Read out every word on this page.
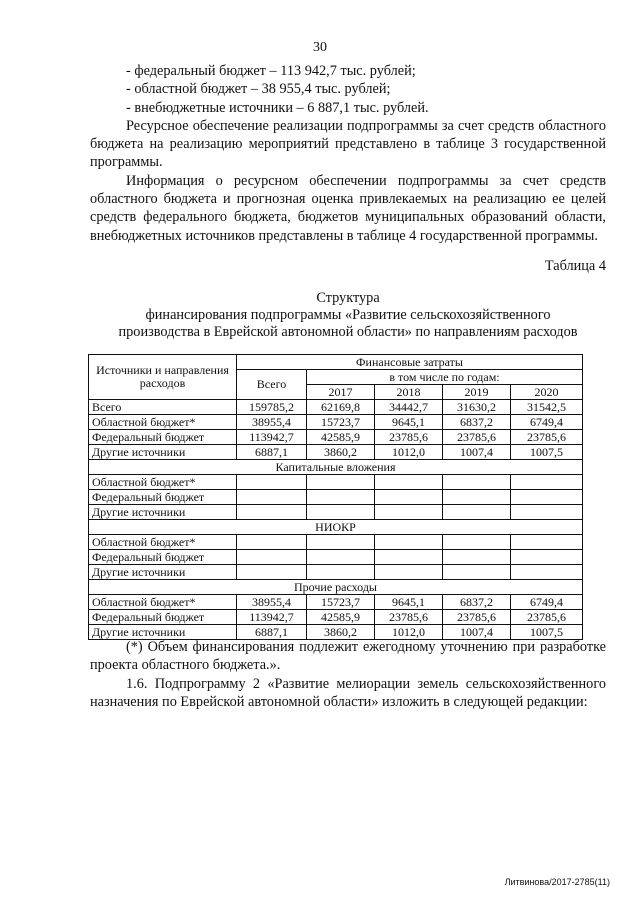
30

- федеральный бюджет – 113 942,7 тыс. рублей;

- областной бюджет – 38 955,4 тыс. рублей;

- внебюджетные источники – 6 887,1 тыс. рублей.

Ресурсное обеспечение реализации подпрограммы за счет средств областного бюджета на реализацию мероприятий представлено в таблице 3 государственной программы.

Информация о ресурсном обеспечении подпрограммы за счет средств областного бюджета и прогнозная оценка привлекаемых на реализацию ее целей средств федерального бюджета, бюджетов муниципальных образований области, внебюджетных источников представлены в таблице 4 государственной программы.

Таблица 4
Структура
финансирования подпрограммы «Развитие сельскохозяйственного
производства в Еврейской автономной области» по направлениям расходов
Источники и направления расходов	Финансовые затраты				
	Всего	в том числе по годам:			
		2017	2018	2019	2020
Всего	159785,2	62169,8	34442,7	31630,2	31542,5
Областной бюджет*	38955,4	15723,7	9645,1	6837,2	6749,4
Федеральный бюджет	113942,7	42585,9	23785,6	23785,6	23785,6
Другие источники	6887,1	3860,2	1012,0	1007,4	1007,5
Капитальные вложения					
Областной бюджет*					
Федеральный бюджет					
Другие источники					
НИОКР					
Областной бюджет*					
Федеральный бюджет					
Другие источники					
Прочие расходы					
Областной бюджет*	38955,4	15723,7	9645,1	6837,2	6749,4
Федеральный бюджет	113942,7	42585,9	23785,6	23785,6	23785,6
Другие источники	6887,1	3860,2	1012,0	1007,4	1007,5

(*) Объем финансирования подлежит ежегодному уточнению при разработке проекта областного бюджета.».

1.6. Подпрограмму 2 «Развитие мелиорации земель сельскохозяйственного назначения по Еврейской автономной области» изложить в следующей редакции:

Литвинова/2017-2785(11)
